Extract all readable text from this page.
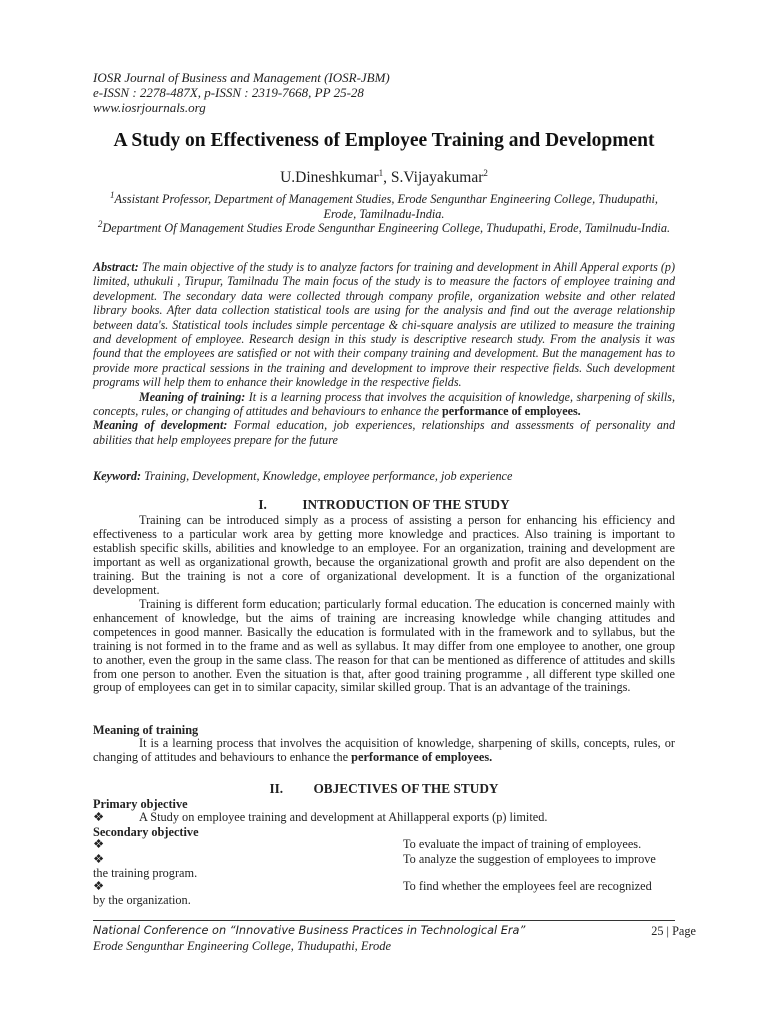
IOSR Journal of Business and Management (IOSR-JBM)
e-ISSN : 2278-487X, p-ISSN : 2319-7668, PP 25-28
www.iosrjournals.org
A Study on Effectiveness of Employee Training and Development
U.Dineshkumar$^1$, S.Vijayakumar$^2$
$^1$Assistant Professor, Department of Management Studies, Erode Sengunthar Engineering College, Thudupathi, Erode, Tamilnadu-India.
$^2$Department Of Management Studies Erode Sengunthar Engineering College, Thudupathi, Erode, Tamilnudu-India.
Abstract: The main objective of the study is to analyze factors for training and development in Ahill Apperal exports (p) limited, uthukuli , Tirupur, Tamilnadu The main focus of the study is to measure the factors of employee training and development. The secondary data were collected through company profile, organization website and other related library books. After data collection statistical tools are using for the analysis and find out the average relationship between data's. Statistical tools includes simple percentage & chi-square analysis are utilized to measure the training and development of employee. Research design in this study is descriptive research study. From the analysis it was found that the employees are satisfied or not with their company training and development. But the management has to provide more practical sessions in the training and development to improve their respective fields. Such development programs will help them to enhance their knowledge in the respective fields.
Meaning of training: It is a learning process that involves the acquisition of knowledge, sharpening of skills, concepts, rules, or changing of attitudes and behaviours to enhance the performance of employees.
Meaning of development: Formal education, job experiences, relationships and assessments of personality and abilities that help employees prepare for the future
Keyword: Training, Development, Knowledge, employee performance, job experience
I.	INTRODUCTION OF THE STUDY
Training can be introduced simply as a process of assisting a person for enhancing his efficiency and effectiveness to a particular work area by getting more knowledge and practices. Also training is important to establish specific skills, abilities and knowledge to an employee. For an organization, training and development are important as well as organizational growth, because the organizational growth and profit are also dependent on the training. But the training is not a core of organizational development. It is a function of the organizational development.
Training is different form education; particularly formal education. The education is concerned mainly with enhancement of knowledge, but the aims of training are increasing knowledge while changing attitudes and competences in good manner. Basically the education is formulated with in the framework and to syllabus, but the training is not formed in to the frame and as well as syllabus. It may differ from one employee to another, one group to another, even the group in the same class. The reason for that can be mentioned as difference of attitudes and skills from one person to another. Even the situation is that, after good training programme , all different type skilled one group of employees can get in to similar capacity, similar skilled group. That is an advantage of the trainings.
Meaning of training
It is a learning process that involves the acquisition of knowledge, sharpening of skills, concepts, rules, or changing of attitudes and behaviours to enhance the performance of employees.
II. OBJECTIVES OF THE STUDY
Primary objective
❖	A Study on employee training and development at Ahillapperal exports (p) limited.
Secondary objective
❖	To evaluate the impact of training of employees.
❖	To analyze the suggestion of employees to improve
the training program.
❖	To find whether the employees feel are recognized
by the organization.
National Conference on “Innovative Business Practices in Technological Era”
Erode Sengunthar Engineering College, Thudupathi, Erode
25 | Page
